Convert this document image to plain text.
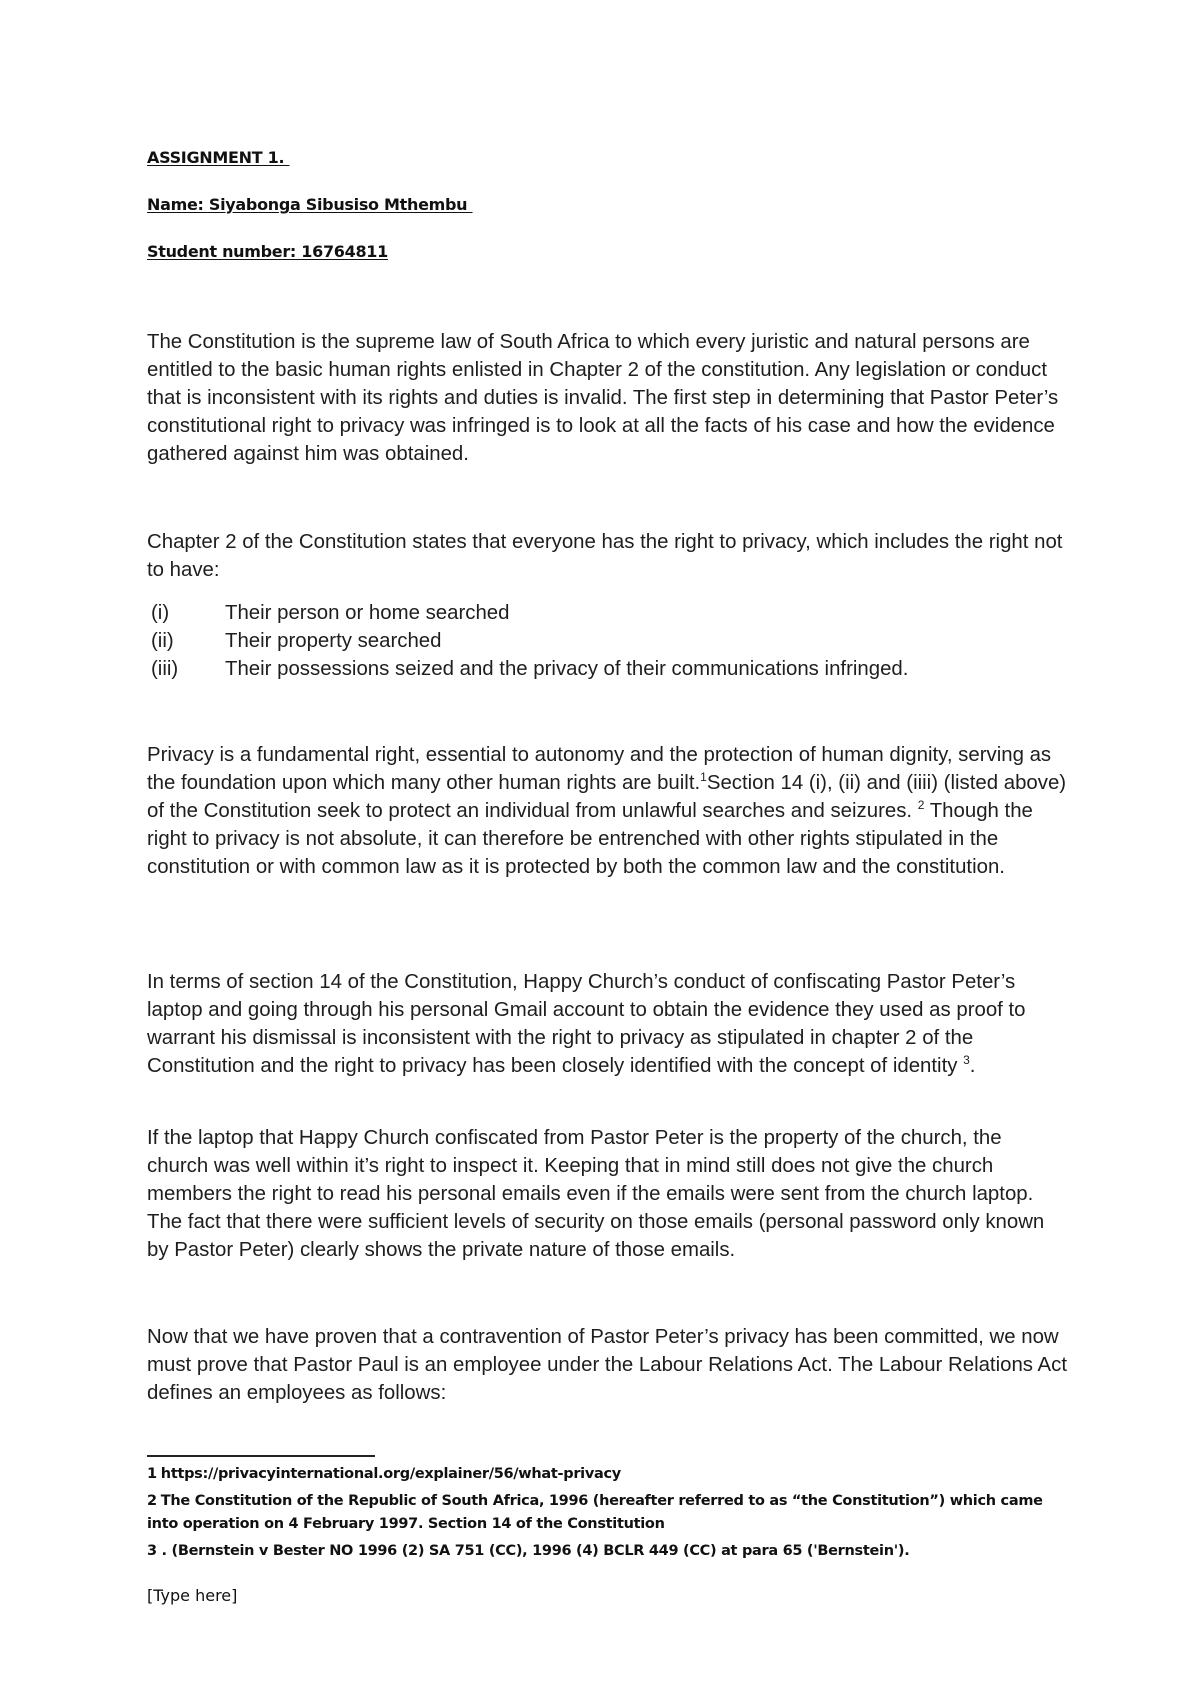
ASSIGNMENT 1.
Name: Siyabonga Sibusiso Mthembu
Student number: 16764811

The Constitution is the supreme law of South Africa to which every juristic and natural persons are entitled to the basic human rights enlisted in Chapter 2 of the constitution. Any legislation or conduct that is inconsistent with its rights and duties is invalid. The first step in determining that Pastor Peter’s constitutional right to privacy was infringed is to look at all the facts of his case and how the evidence gathered against him was obtained.

Chapter 2 of the Constitution states that everyone has the right to privacy, which includes the right not to have:

(i)	Their person or home searched
(ii)	Their property searched
(iii)	Their possessions seized and the privacy of their communications infringed.

Privacy is a fundamental right, essential to autonomy and the protection of human dignity, serving as the foundation upon which many other human rights are built.$^1$Section 14 (i), (ii) and (iiii) (listed above) of the Constitution seek to protect an individual from unlawful searches and seizures. $^2$ Though the right to privacy is not absolute, it can therefore be entrenched with other rights stipulated in the constitution or with common law as it is protected by both the common law and the constitution.

In terms of section 14 of the Constitution, Happy Church’s conduct of confiscating Pastor Peter’s laptop and going through his personal Gmail account to obtain the evidence they used as proof to warrant his dismissal is inconsistent with the right to privacy as stipulated in chapter 2 of the Constitution and the right to privacy has been closely identified with the concept of identity $^3$.

If the laptop that Happy Church confiscated from Pastor Peter is the property of the church, the church was well within it’s right to inspect it. Keeping that in mind still does not give the church members the right to read his personal emails even if the emails were sent from the church laptop. The fact that there were sufficient levels of security on those emails (personal password only known by Pastor Peter) clearly shows the private nature of those emails.

Now that we have proven that a contravention of Pastor Peter’s privacy has been committed, we now must prove that Pastor Paul is an employee under the Labour Relations Act. The Labour Relations Act defines an employees as follows:

1 https://privacyinternational.org/explainer/56/what-privacy

2 The Constitution of the Republic of South Africa, 1996 (hereafter referred to as “the Constitution”) which came into operation on 4 February 1997. Section 14 of the Constitution

3 . (Bernstein v Bester NO 1996 (2) SA 751 (CC), 1996 (4) BCLR 449 (CC) at para 65 ('Bernstein').

[Type here]
